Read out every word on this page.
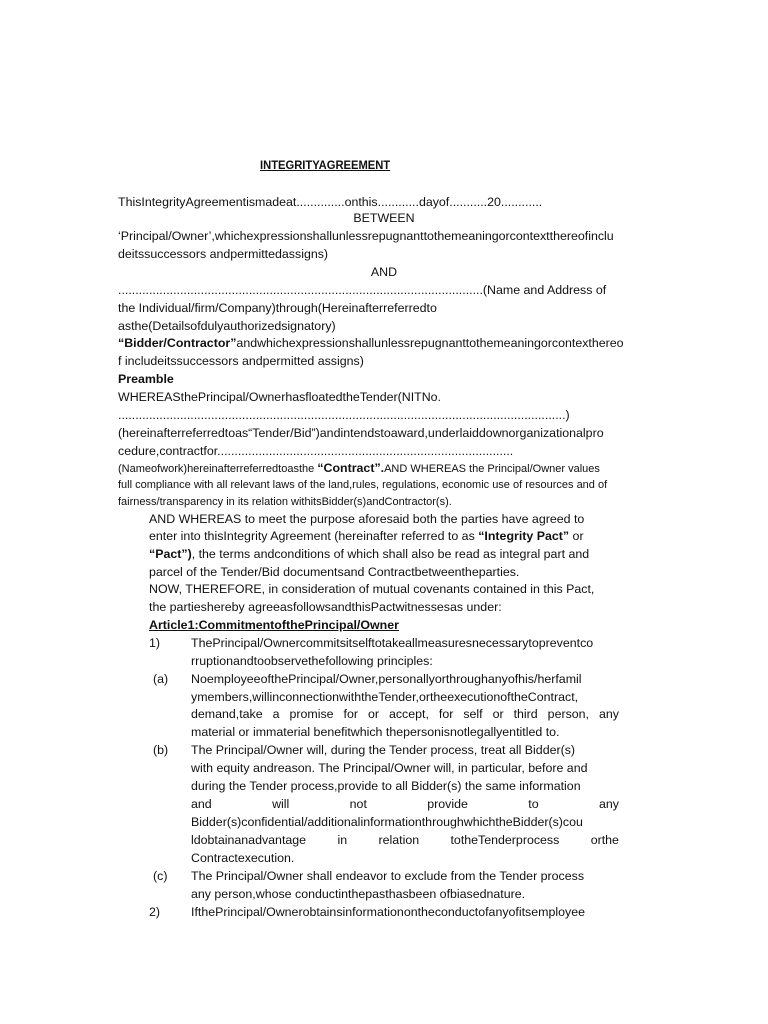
INTEGRITYAGREEMENT
ThisIntegrityAgreementismadeat..............onthis............dayof...........20............
BETWEEN
‘Principal/Owner’,whichexpressionshallunlessrepugnanttothemeaningorcontextthereofinclu
deitssuccessors andpermittedassigns)
AND
..........................................................................................................(Name and Address of
the Individual/firm/Company)through(Hereinafterreferredto
asthe(Detailsofdulyauthorizedsignatory)
“Bidder/Contractor”andwhichexpressionshallunlessrepugnanttothemeaningorcontexthereo
f includeitssuccessors andpermitted assigns)
Preamble
WHEREASthePrincipal/OwnerhasfloatedtheTender(NITNo.
..................................................................................................................................)
(hereinafterreferredtoas“Tender/Bid”)andintendstoaward,underlaiddownorganizationalpro
cedure,contractfor......................................................................................
(Nameofwork)hereinafterreferredtoasthe “Contract”.AND WHEREAS the Principal/Owner values
full compliance with all relevant laws of the land,rules, regulations, economic use of resources and of
fairness/transparency in its relation withitsBidder(s)andContractor(s).
AND WHEREAS to meet the purpose aforesaid both the parties have agreed to
enter into thisIntegrity Agreement (hereinafter referred to as “Integrity Pact” or
“Pact”), the terms andconditions of which shall also be read as integral part and
parcel of the Tender/Bid documentsand Contractbetweentheparties.
NOW, THEREFORE, in consideration of mutual covenants contained in this Pact,
the partieshereby agreeasfollowsandthisPactwitnessesas under:
Article1:CommitmentofthePrincipal/Owner
1) ThePrincipal/Ownercommitsitselftotakeallmeasuresnecessarytopreventco
rruptionandtoobservethefollowing principles:
(a) NoemployeeofthePrincipal/Owner,personallyorthroughanyofhis/herfamil
ymembers,willinconnectionwiththeTender,ortheexecutionoftheContract,
demand,take a promise for or accept, for self or third person, any
material or immaterial benefitwhich thepersonisnotlegallyentitled to.
(b) The Principal/Owner will, during the Tender process, treat all Bidder(s)
with equity andreason. The Principal/Owner will, in particular, before and
during the Tender process,provide to all Bidder(s) the same information
and	will	not	provide	to	any
Bidder(s)confidential/additionalinformationthroughwhichtheBidder(s)cou
ldobtainanadvantage	in	relation	totheTenderprocess	orthe
Contractexecution.
(c) The Principal/Owner shall endeavor to exclude from the Tender process
any person,whose conductinthepasthasbeen ofbiasednature.
2) IfthePrincipal/Ownerobtainsinformationontheconductofanyofitsemployee
